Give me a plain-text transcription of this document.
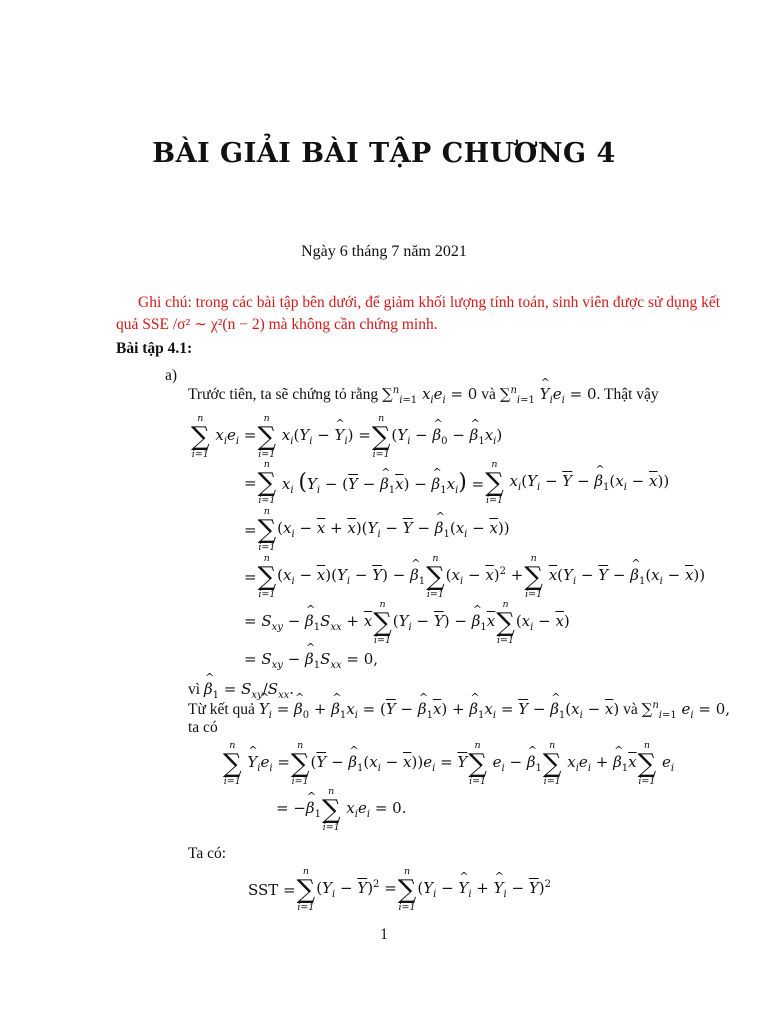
BÀI GIẢI BÀI TẬP CHƯƠNG 4
Ngày 6 tháng 7 năm 2021
Ghi chú: trong các bài tập bên dưới, để giảm khối lượng tính toán, sinh viên được sử dụng kết quả SSE /σ² ∼ χ²(n − 2) mà không cần chứng minh.
Bài tập 4.1:
a)
Trước tiên, ta sẽ chứng tỏ rằng ∑$^n_{i=1}$ $x_ie_i = 0$ và ∑$^n_{i=1}$ ^ $Y_ie_i = 0$. Thật vậy
n
∑
i=1
$x_ie_i$ =
n
∑
i=1
$x_i(Y_i$ − ^ $Y_i$) =
n
∑
i=1
($Y_i$ − ^ $\beta_0$ − ^ $\beta_1x_i$)
=
n
∑
i=1
$x_i$ ($Y_i - (\overline{Y}$ − ^ $\beta_1\overline{x}$) − ^ $\beta_1x_i$) =
n
∑
i=1
$x_i(Y_i - \overline{Y}$ − ^ $\beta_1(x_i - \overline{x})$)
=
n
∑
i=1
$(x_i - \overline{x} + \overline{x})(Y_i - \overline{Y}$ − ^ $\beta_1(x_i - \overline{x})$)
=
n
∑
i=1
$(x_i - \overline{x})(Y_i - \overline{Y})$ − ^ $\beta_1$
n
∑
i=1
$(x_i - \overline{x})^2$ +
n
∑
i=1
$\overline{x}(Y_i - \overline{Y}$ − ^ $\beta_1(x_i - \overline{x})$)
= $S_{xy}$ − ^ $\beta_1S_{xx} + \overline{x}$
n
∑
i=1
$(Y_i - \overline{Y})$ − ^ $\beta_1\overline{x}$
n
∑
i=1
$(x_i - \overline{x})$
= $S_{xy}$ − ^ $\beta_1S_{xx} = 0$,
vì ^ $\beta_1 = S_{xy}/S_{xx}$.
Từ kết quả ^ $Y_i$ = ^ $\beta_0$ + ^ $\beta_1x_i = (\overline{Y}$ − ^ $\beta_1\overline{x}$) + ^ $\beta_1x_i = \overline{Y}$ − ^ $\beta_1(x_i - \overline{x})$ và ∑$^n_{i=1}$ $e_i = 0$,
ta có
n
∑
i=1
^ $Y_ie_i$ =
n
∑
i=1
($\overline{Y}$ − ^ $\beta_1(x_i - \overline{x}))e_i = \overline{Y}$
n
∑
i=1
$e_i$ − ^ $\beta_1$
n
∑
i=1
$x_ie_i$ + ^ $\beta_1\overline{x}$
n
∑
i=1
$e_i$
= −^ $\beta_1$
n
∑
i=1
$x_ie_i = 0$.
Ta có:
SST =
n
∑
i=1
$(Y_i - \overline{Y})^2$ =
n
∑
i=1
($Y_i$ − ^ $Y_i$ + ^ $Y_i - \overline{Y})^2$
1
